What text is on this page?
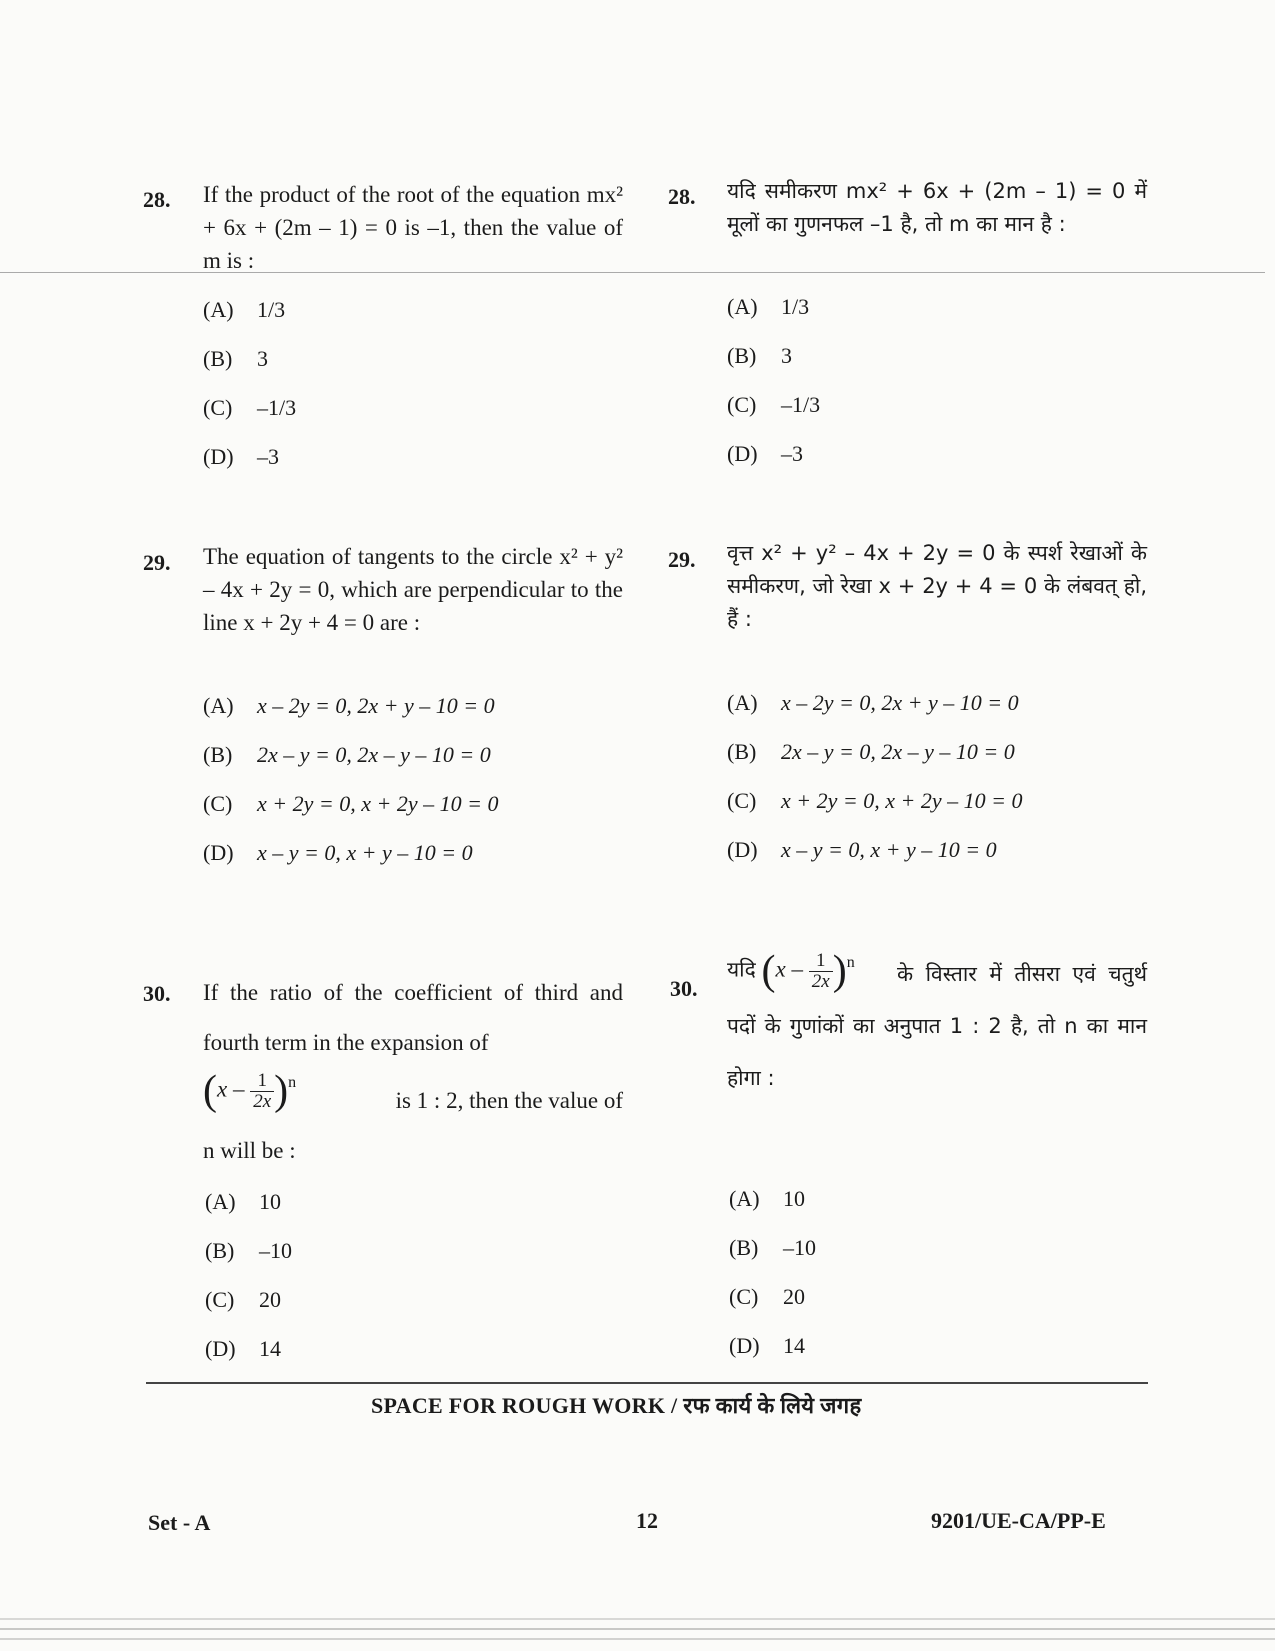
28. If the product of the root of the equation mx² + 6x + (2m – 1) = 0 is –1, then the value of m is :
(A) 1/3
(B) 3
(C) –1/3
(D) –3
28. यदि समीकरण mx² + 6x + (2m – 1) = 0 में मूलों का गुणनफल –1 है, तो m का मान है :
(A) 1/3
(B) 3
(C) –1/3
(D) –3
29. The equation of tangents to the circle x² + y² – 4x + 2y = 0, which are perpendicular to the line x + 2y + 4 = 0 are :
(A) x – 2y = 0, 2x + y – 10 = 0
(B) 2x – y = 0, 2x – y – 10 = 0
(C) x + 2y = 0, x + 2y – 10 = 0
(D) x – y = 0, x + y – 10 = 0
29. वृत्त x² + y² – 4x + 2y = 0 के स्पर्श रेखाओं के समीकरण, जो रेखा x + 2y + 4 = 0 के लंबवत् हो, हैं :
(A) x – 2y = 0, 2x + y – 10 = 0
(B) 2x – y = 0, 2x – y – 10 = 0
(C) x + 2y = 0, x + 2y – 10 = 0
(D) x – y = 0, x + y – 10 = 0
30. If the ratio of the coefficient of third and fourth term in the expansion of
$(x - \frac{1}{2x} )^n$
is 1 : 2, then the value of
n will be :
(A) 10
(B) –10
(C) 20
(D) 14
30.
यदि $(x - \frac{1}{2x} )^n$	के विस्तार में तीसरा एवं चतुर्थ पदों के गुणांकों का अनुपात 1 : 2 है, तो n का मान होगा :
(A) 10
(B) –10
(C) 20
(D) 14
SPACE FOR ROUGH WORK / रफ कार्य के लिये जगह
Set - A	12	9201/UE-CA/PP-E
